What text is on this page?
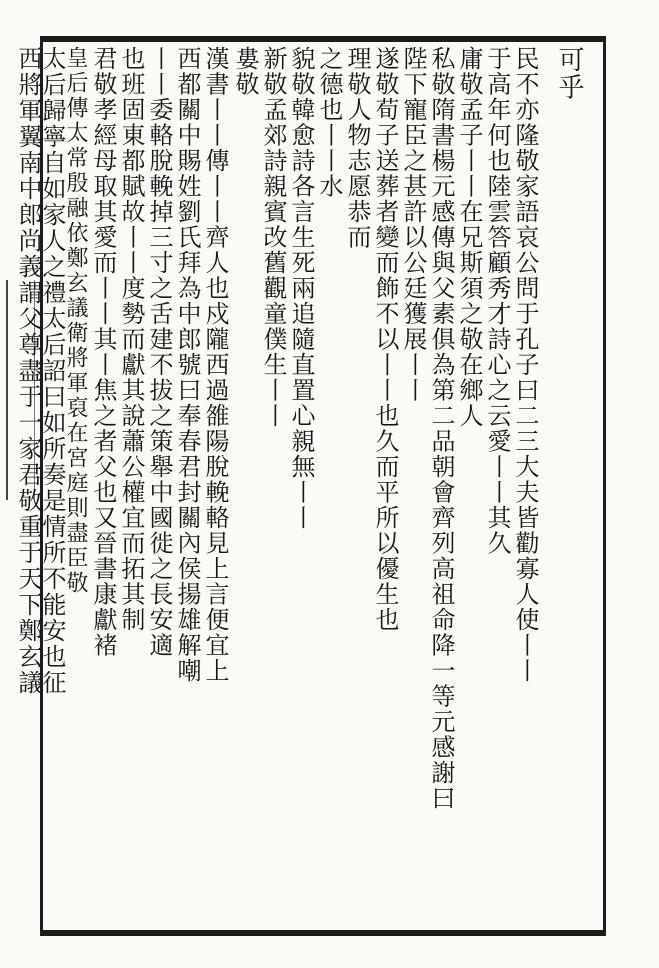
可乎
民不亦隆敬家語哀公問于孔子曰二三大夫皆勸寡人使丨丨
于高年何也陸雲答顧秀才詩心之云愛丨丨其久
庸敬孟子丨丨在兄斯須之敬在鄉人
私敬隋書楊元感傳與父素俱為第二品朝會齊列高祖命降一等元感謝曰
陛下寵臣之甚許以公廷獲展丨丨
遂敬荀子送葬者變而飾不以丨丨也久而平所以優生也
理敬人物志愿恭而
之德也丨丨水
貌敬韓愈詩各言生死兩追隨直置心親無丨丨
新敬孟郊詩親賓改舊觀童僕生丨丨
婁敬
漢書丨丨傳丨丨齊人也戍隴西過雒陽脫輓輅見上言便宜上
西都關中賜姓劉氏拜為中郎號曰奉春君封關內侯揚雄解嘲
丨丨委輅脫輓掉三寸之舌建不拔之策舉中國徙之長安適
也班固東都賦故丨丨度勢而獻其說蕭公權宜而拓其制
君敬孝經母取其愛而丨丨其丨焦之者父也又晉書康獻褚
皇后傳太常殷融依鄭玄議衛將軍裒在宮庭則盡臣敬
太后歸寧自如家人之禮太后詔曰如所奏是情所不能安也征
西將軍翼南中郎尚義謂父尊盡于一家君敬重于天下鄭玄議
